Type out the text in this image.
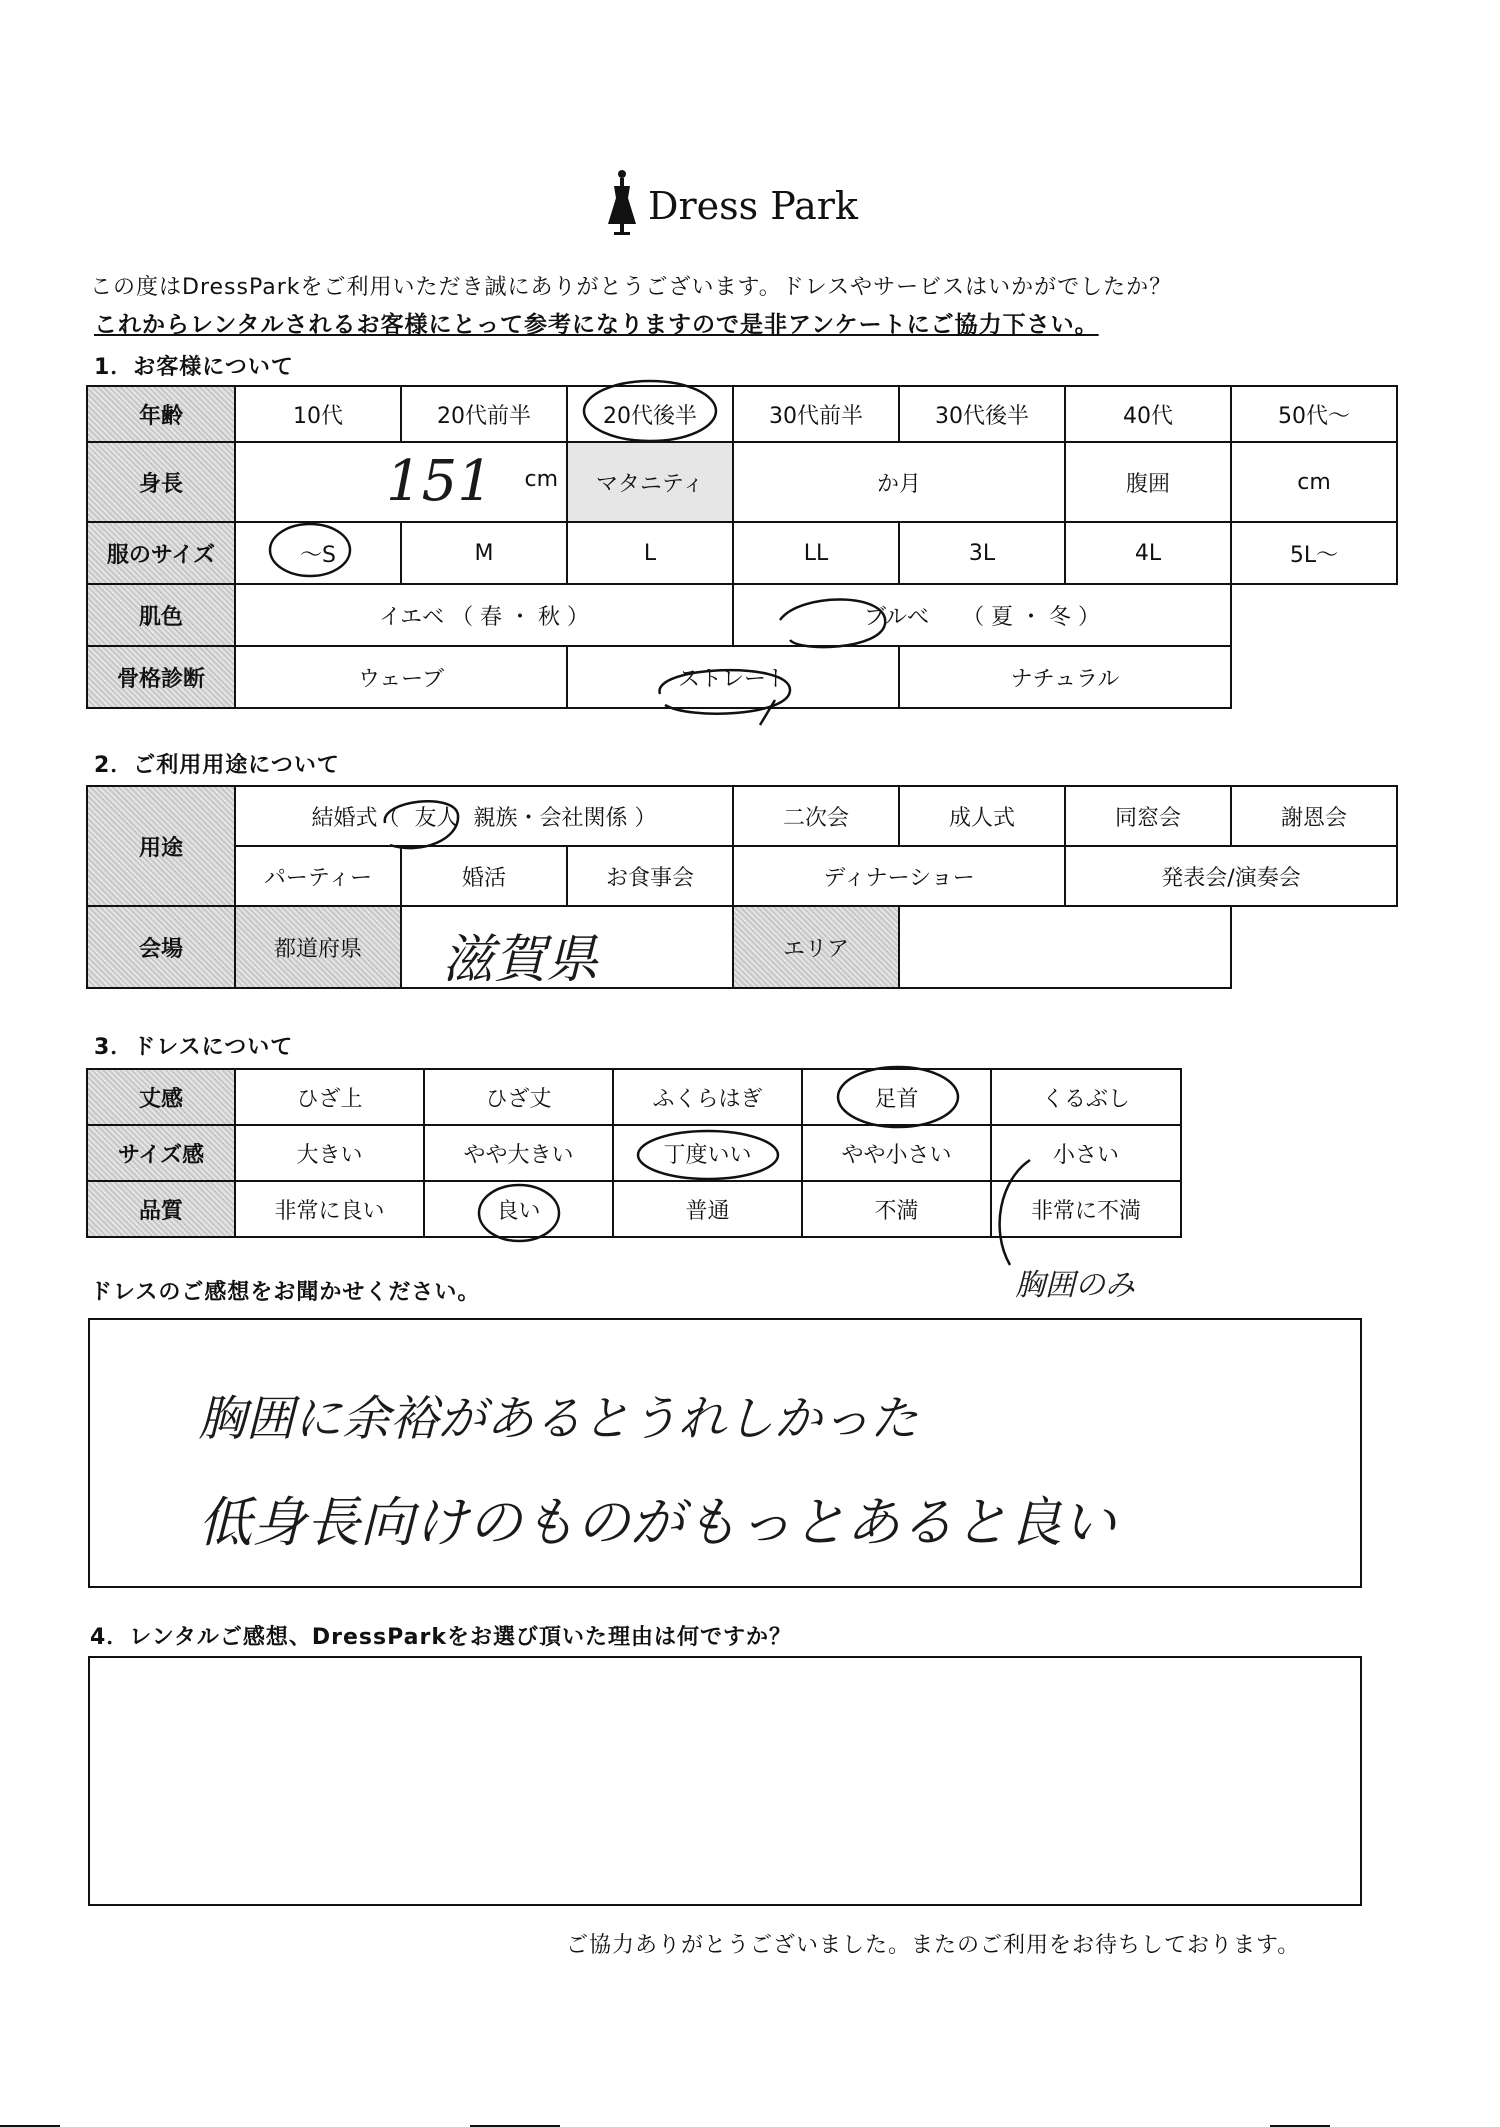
Dress Park
この度はDressParkをご利用いただき誠にありがとうございます。ドレスやサービスはいかがでしたか？
これからレンタルされるお客様にとって参考になりますので是非アンケートにご協力下さい。
1．お客様について
年齢	10代	20代前半	20代後半	30代前半	30代後半	40代	50代～
身長	151 cm		マタニティ	か月		腹囲	cm
服のサイズ	～S	M	L	LL	3L	4L	5L～
肌色	イエベ （ 春 ・ 秋 ）			ブルべ （ 夏 ・ 冬 ）			
骨格診断	ウェーブ		ストレート		ナチュラル		
2．ご利用用途について
用途	結婚式（ 友人 親族・会社関係 ）			二次会	成人式	同窓会	謝恩会
	パーティー	婚活	お食事会	ディナーショー		発表会/演奏会	
会場	都道府県	滋賀県		エリア			
3．ドレスについて
丈感	ひざ上	ひざ丈	ふくらはぎ	足首	くるぶし
サイズ感	大きい	やや大きい	丁度いい	やや小さい	小さい
品質	非常に良い	良い	普通	不満	非常に不満
胸囲のみ
ドレスのご感想をお聞かせください。
胸囲に余裕があるとうれしかった
低身長向けのものがもっとあると良い
4．レンタルご感想、DressParkをお選び頂いた理由は何ですか？
ご協力ありがとうございました。またのご利用をお待ちしております。
